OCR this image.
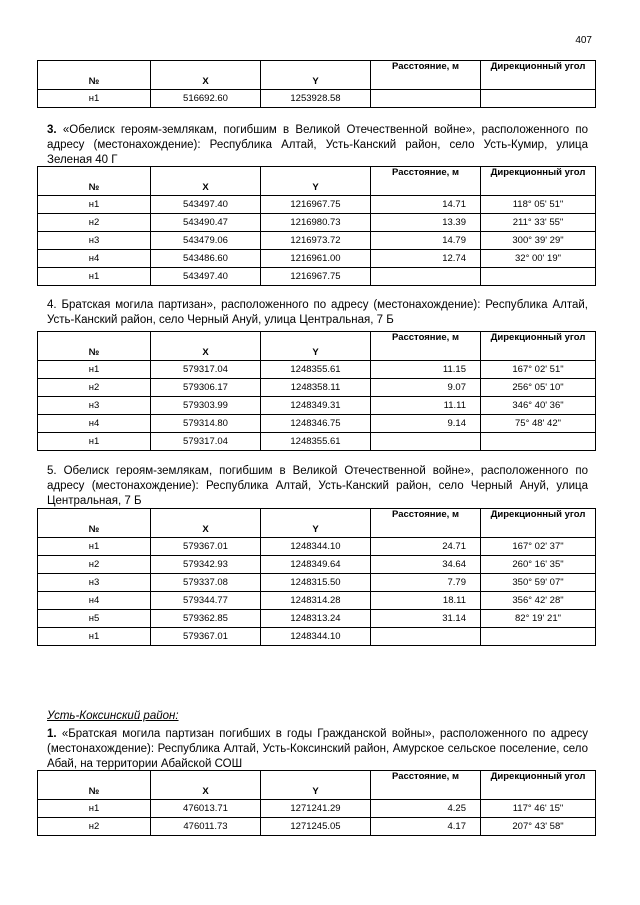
407
№	X	Y	Расстояние, м	Дирекционный угол
н1	516692.60	1253928.58		
3. «Обелиск героям-землякам, погибшим в Великой Отечественной войне», расположенного по адресу (местонахождение): Республика Алтай, Усть-Канский район, село Усть-Кумир, улица Зеленая 40 Г
№	X	Y	Расстояние, м	Дирекционный угол
н1	543497.40	1216967.75	14.71	118° 05' 51"
н2	543490.47	1216980.73	13.39	211° 33' 55"
н3	543479.06	1216973.72	14.79	300° 39' 29"
н4	543486.60	1216961.00	12.74	32° 00' 19"
н1	543497.40	1216967.75		
4. Братская могила партизан», расположенного по адресу (местонахождение): Республика Алтай, Усть-Канский район, село Черный Ануй, улица Центральная, 7 Б
№	X	Y	Расстояние, м	Дирекционный угол
н1	579317.04	1248355.61	11.15	167° 02' 51"
н2	579306.17	1248358.11	9.07	256° 05' 10"
н3	579303.99	1248349.31	11.11	346° 40' 36"
н4	579314.80	1248346.75	9.14	75° 48' 42"
н1	579317.04	1248355.61		
5. Обелиск героям-землякам, погибшим в Великой Отечественной войне», расположенного по адресу (местонахождение): Республика Алтай, Усть-Канский район, село Черный Ануй, улица Центральная, 7 Б
№	X	Y	Расстояние, м	Дирекционный угол
н1	579367.01	1248344.10	24.71	167° 02' 37"
н2	579342.93	1248349.64	34.64	260° 16' 35"
н3	579337.08	1248315.50	7.79	350° 59' 07"
н4	579344.77	1248314.28	18.11	356° 42' 28"
н5	579362.85	1248313.24	31.14	82° 19' 21"
н1	579367.01	1248344.10		
Усть-Коксинский район:
1. «Братская могила партизан погибших в годы Гражданской войны», расположенного по адресу (местонахождение): Республика Алтай, Усть-Коксинский район, Амурское сельское поселение, село Абай, на территории Абайской СОШ
№	X	Y	Расстояние, м	Дирекционный угол
н1	476013.71	1271241.29	4.25	117° 46' 15"
н2	476011.73	1271245.05	4.17	207° 43' 58"
